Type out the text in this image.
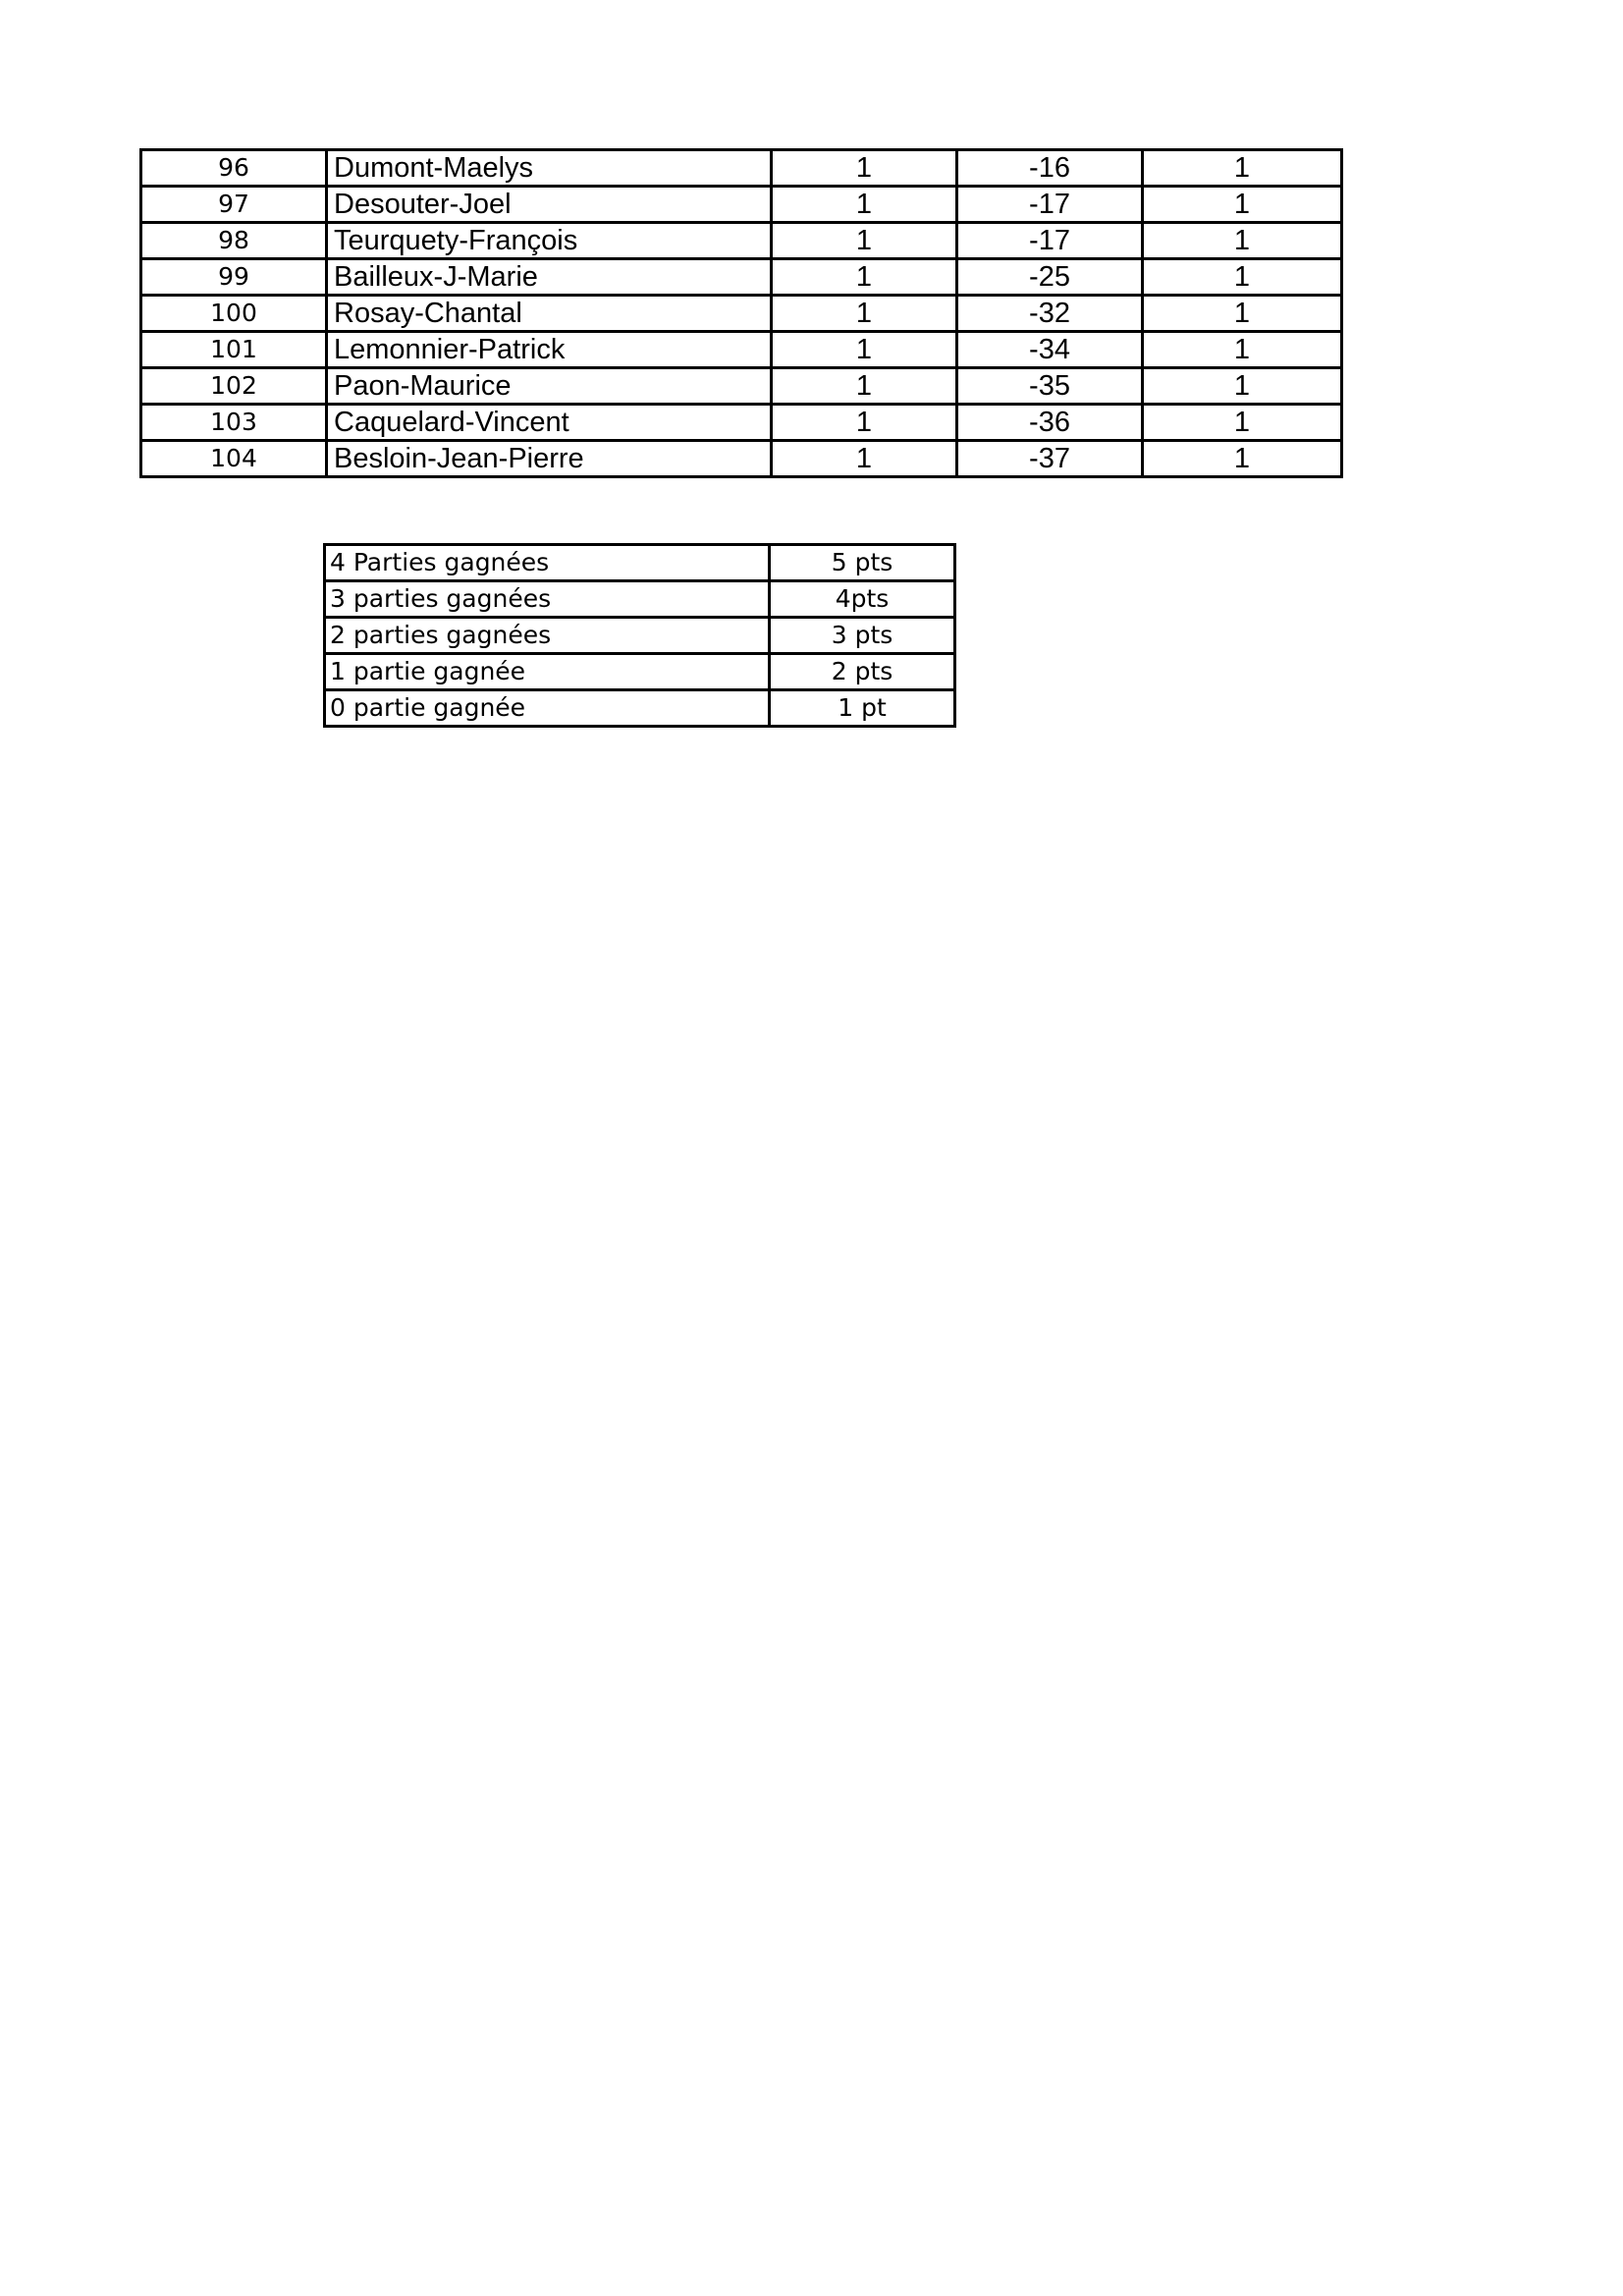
96	Dumont-Maelys	1	-16	1
97	Desouter-Joel	1	-17	1
98	Teurquety-François	1	-17	1
99	Bailleux-J-Marie	1	-25	1
100	Rosay-Chantal	1	-32	1
101	Lemonnier-Patrick	1	-34	1
102	Paon-Maurice	1	-35	1
103	Caquelard-Vincent	1	-36	1
104	Besloin-Jean-Pierre	1	-37	1
4 Parties gagnées	5 pts
3 parties gagnées	4pts
2 parties gagnées	3 pts
1 partie gagnée	2 pts
0 partie gagnée	1 pt
